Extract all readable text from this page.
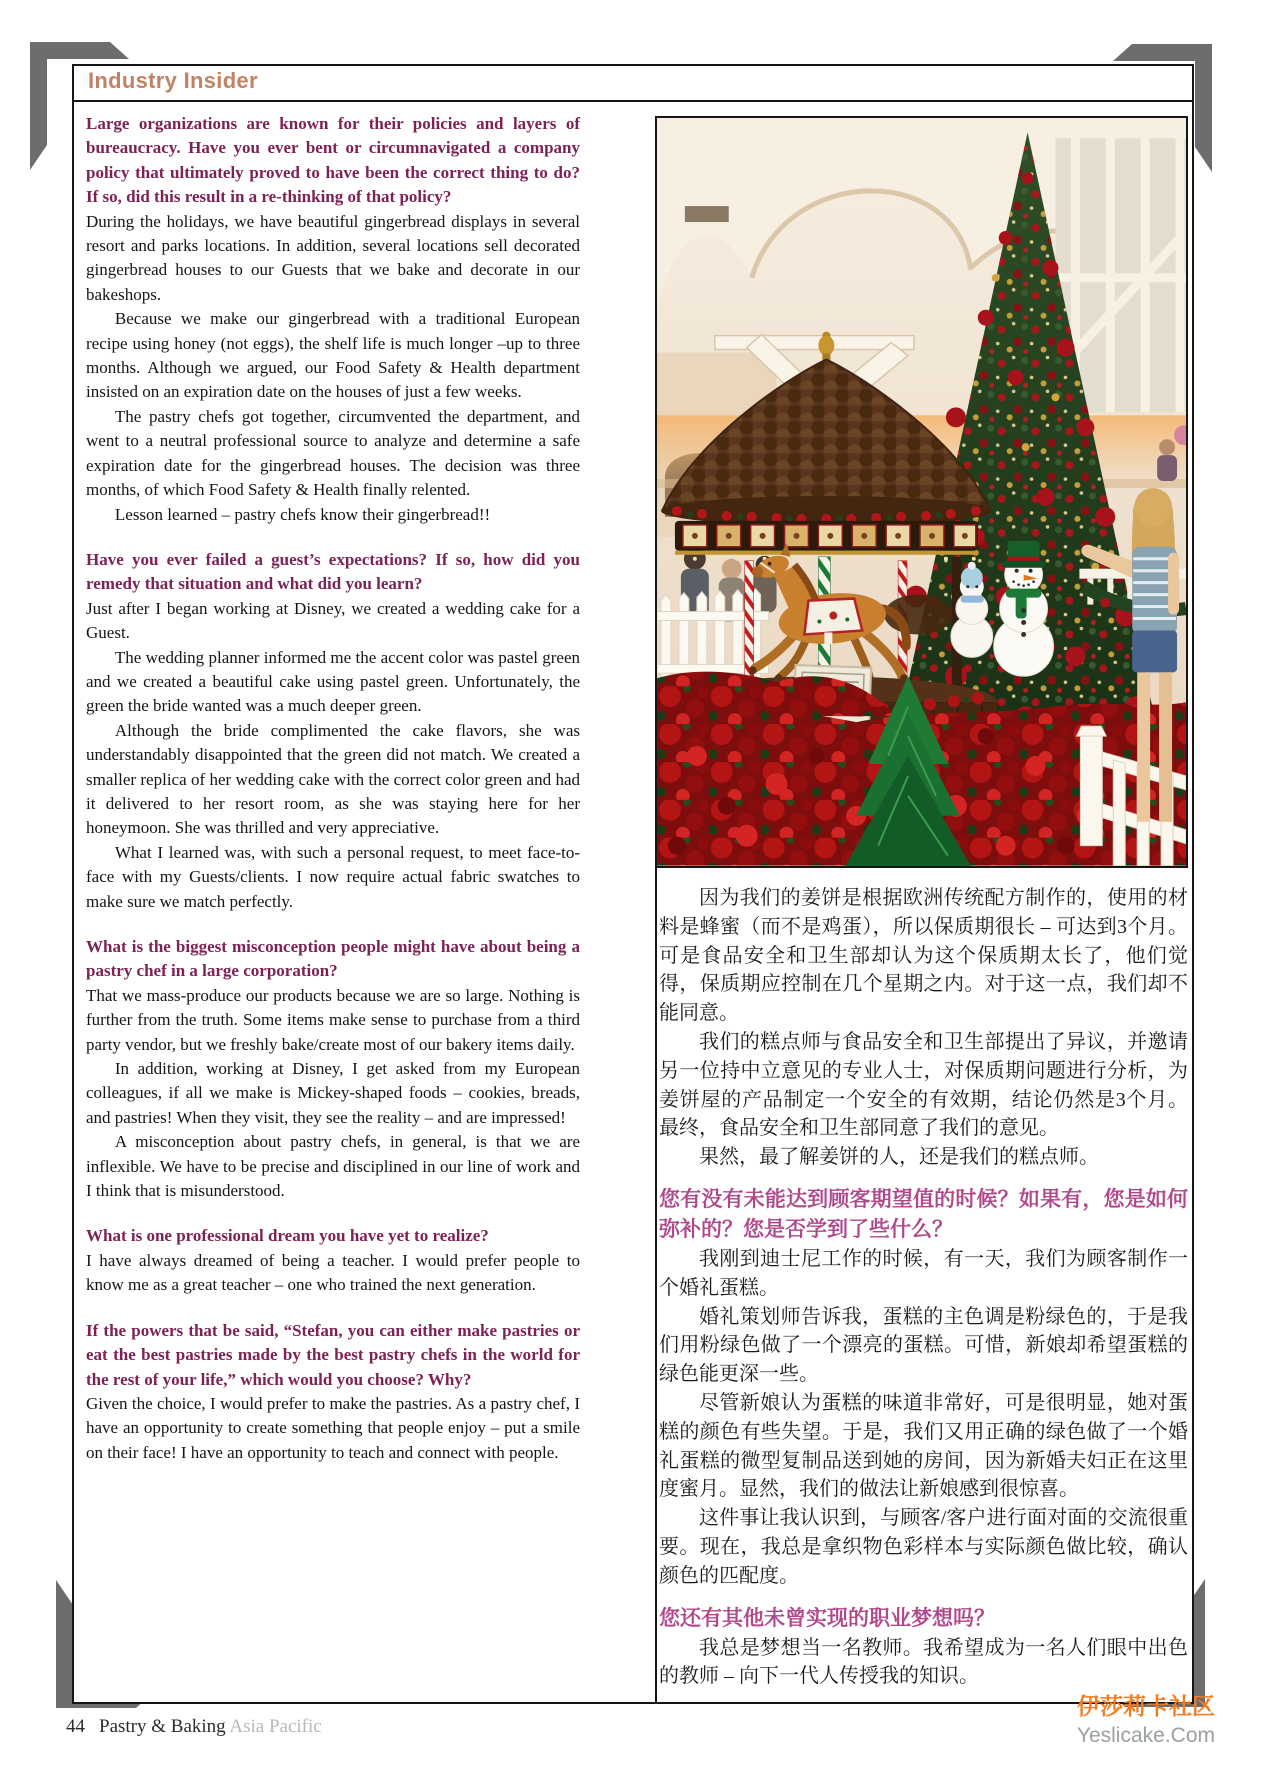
Industry Insider
Large organizations are known for their policies and layers of bureaucracy. Have you ever bent or circumnavigated a company policy that ultimately proved to have been the correct thing to do? If so, did this result in a re-thinking of that policy?

During the holidays, we have beautiful gingerbread displays in several resort and parks locations. In addition, several locations sell decorated gingerbread houses to our Guests that we bake and decorate in our bakeshops.

Because we make our gingerbread with a traditional European recipe using honey (not eggs), the shelf life is much longer –up to three months. Although we argued, our Food Safety & Health department insisted on an expiration date on the houses of just a few weeks.

The pastry chefs got together, circumvented the department, and went to a neutral professional source to analyze and determine a safe expiration date for the gingerbread houses. The decision was three months, of which Food Safety & Health finally relented.

Lesson learned – pastry chefs know their gingerbread!!

Have you ever failed a guest’s expectations? If so, how did you remedy that situation and what did you learn?

Just after I began working at Disney, we created a wedding cake for a Guest.

The wedding planner informed me the accent color was pastel green and we created a beautiful cake using pastel green. Unfortunately, the green the bride wanted was a much deeper green.

Although the bride complimented the cake flavors, she was understandably disappointed that the green did not match. We created a smaller replica of her wedding cake with the correct color green and had it delivered to her resort room, as she was staying here for her honeymoon. She was thrilled and very appreciative.

What I learned was, with such a personal request, to meet face-to-face with my Guests/clients. I now require actual fabric swatches to make sure we match perfectly.

What is the biggest misconception people might have about being a pastry chef in a large corporation?

That we mass-produce our products because we are so large. Nothing is further from the truth. Some items make sense to purchase from a third party vendor, but we freshly bake/create most of our bakery items daily.

In addition, working at Disney, I get asked from my European colleagues, if all we make is Mickey-shaped foods – cookies, breads, and pastries! When they visit, they see the reality – and are impressed!

A misconception about pastry chefs, in general, is that we are inflexible. We have to be precise and disciplined in our line of work and I think that is misunderstood.

What is one professional dream you have yet to realize?

I have always dreamed of being a teacher. I would prefer people to know me as a great teacher – one who trained the next generation.

If the powers that be said, “Stefan, you can either make pastries or eat the best pastries made by the best pastry chefs in the world for the rest of your life,” which would you choose? Why?

Given the choice, I would prefer to make the pastries. As a pastry chef, I have an opportunity to create something that people enjoy – put a smile on their face! I have an opportunity to teach and connect with people.

因为我们的姜饼是根据欧洲传统配方制作的，使用的材料是蜂蜜（而不是鸡蛋），所以保质期很长 – 可达到3个月。可是食品安全和卫生部却认为这个保质期太长了，他们觉得，保质期应控制在几个星期之内。对于这一点，我们却不能同意。

我们的糕点师与食品安全和卫生部提出了异议，并邀请另一位持中立意见的专业人士，对保质期问题进行分析，为姜饼屋的产品制定一个安全的有效期，结论仍然是3个月。最终，食品安全和卫生部同意了我们的意见。

果然，最了解姜饼的人，还是我们的糕点师。

您有没有未能达到顾客期望值的时候？如果有，您是如何弥补的？您是否学到了些什么？

我刚到迪士尼工作的时候，有一天，我们为顾客制作一个婚礼蛋糕。

婚礼策划师告诉我，蛋糕的主色调是粉绿色的，于是我们用粉绿色做了一个漂亮的蛋糕。可惜，新娘却希望蛋糕的绿色能更深一些。

尽管新娘认为蛋糕的味道非常好，可是很明显，她对蛋糕的颜色有些失望。于是，我们又用正确的绿色做了一个婚礼蛋糕的微型复制品送到她的房间，因为新婚夫妇正在这里度蜜月。显然，我们的做法让新娘感到很惊喜。

这件事让我认识到，与顾客/客户进行面对面的交流很重要。现在，我总是拿织物色彩样本与实际颜色做比较，确认颜色的匹配度。

您还有其他未曾实现的职业梦想吗？

我总是梦想当一名教师。我希望成为一名人们眼中出色的教师 – 向下一代人传授我的知识。

44 Pastry & Baking Asia Pacific
伊莎莉卡社区
Yeslicake.Com
